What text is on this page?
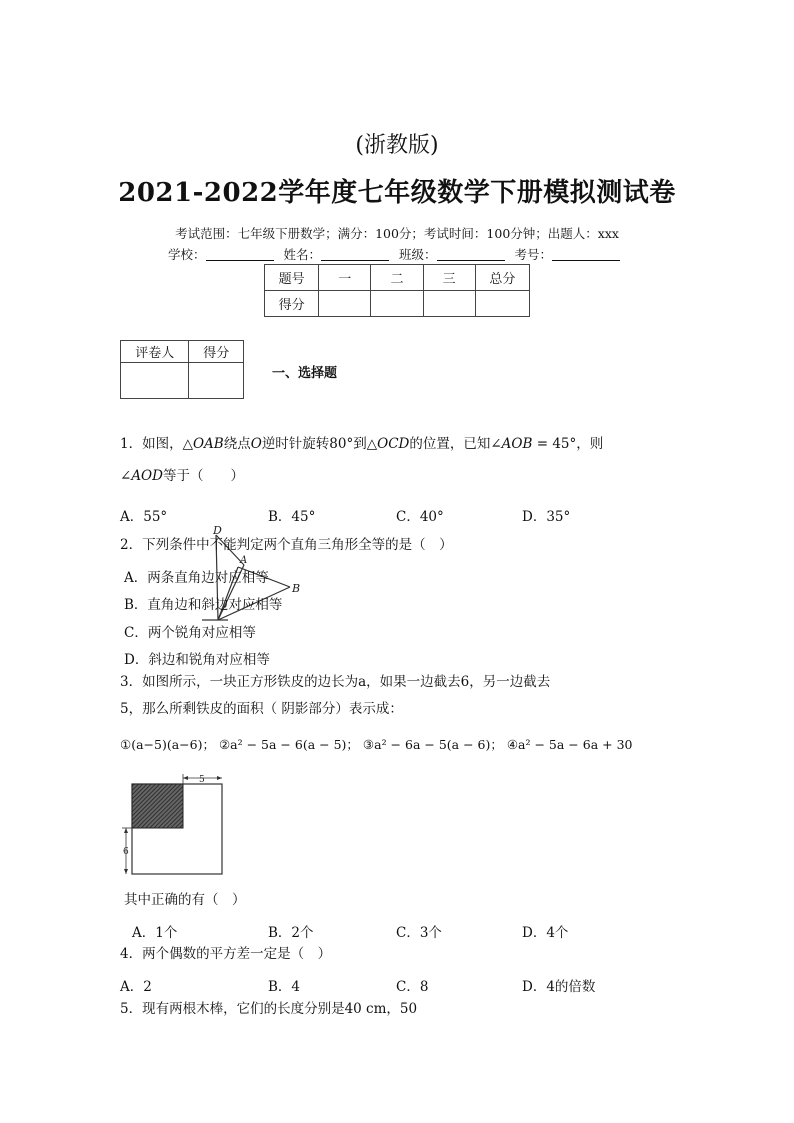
(浙教版)
2021-2022学年度七年级数学下册模拟测试卷
考试范围：七年级下册数学；满分：100分；考试时间：100分钟；出题人：xxx
学校：	姓名：	班级：	考号：
题号	一	二	三	总分
得分				
评卷人	得分

一、选择题
1．如图，△OAB绕点O逆时针旋转80°到△OCD的位置，已知∠AOB = 45°，则
∠AOD等于（　　）
A．55°	B．45°	C．40°	D．35°
D
A
B
2．下列条件中不能判定两个直角三角形全等的是（　）
A．两条直角边对应相等
B．直角边和斜边对应相等
C．两个锐角对应相等
D．斜边和锐角对应相等
3．如图所示，一块正方形铁皮的边长为a，如果一边截去6，另一边截去
5，那么所剩铁皮的面积（ 阴影部分）表示成：
①(a−5)(a−6)； ②a² − 5a − 6(a − 5)； ③a² − 6a − 5(a − 6)； ④a² − 5a − 6a + 30
5
6
其中正确的有（　）
A．1个	B．2个	C．3个	D．4个
4．两个偶数的平方差一定是（　）
A．2	B．4	C．8	D．4的倍数
5．现有两根木棒，它们的长度分别是40 cm，50
